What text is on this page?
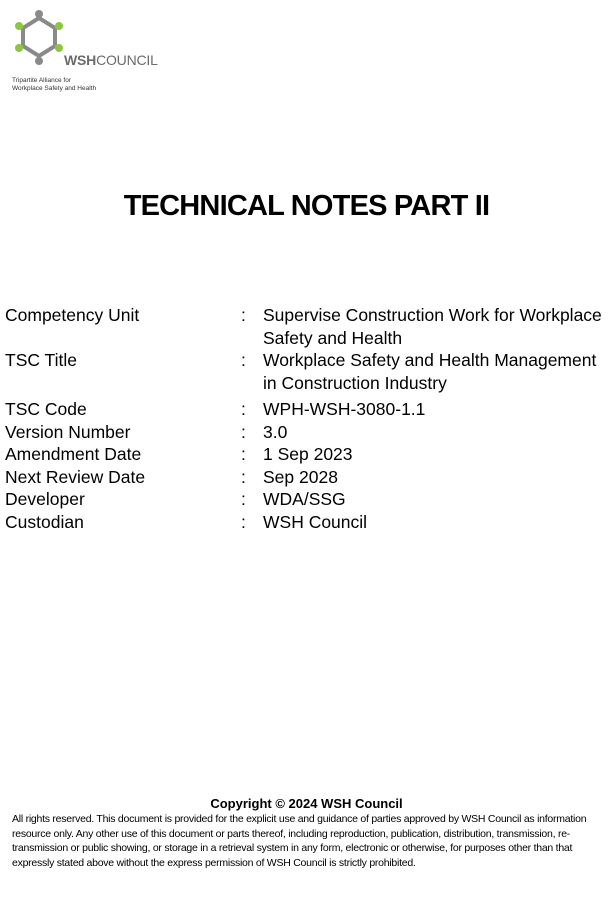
WSHCOUNCIL
Tripartite Alliance for
Workplace Safety and Health
TECHNICAL NOTES PART II
Competency Unit	: Supervise Construction Work for Workplace Safety and Health
TSC Title	: Workplace Safety and Health Management in Construction Industry
TSC Code	: WPH-WSH-3080-1.1
Version Number	: 3.0
Amendment Date	: 1 Sep 2023
Next Review Date	: Sep 2028
Developer	: WDA/SSG
Custodian	: WSH Council
Copyright © 2024 WSH Council
All rights reserved. This document is provided for the explicit use and guidance of parties approved by WSH Council as information resource only. Any other use of this document or parts thereof, including reproduction, publication, distribution, transmission, re-transmission or public showing, or storage in a retrieval system in any form, electronic or otherwise, for purposes other than that expressly stated above without the express permission of WSH Council is strictly prohibited.
